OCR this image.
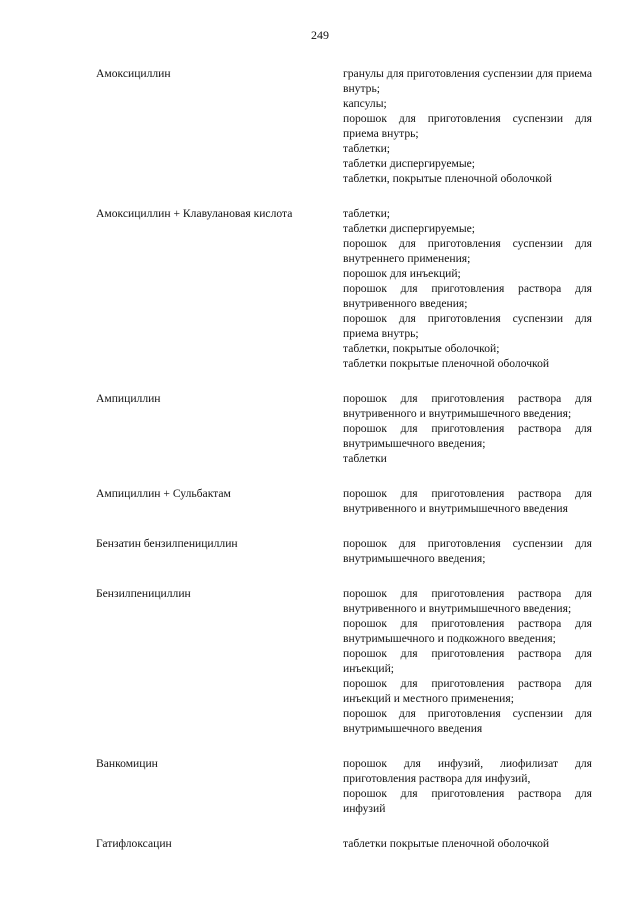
249
Амоксициллин	гранулы для приготовления суспензии для приема внутрь;
капсулы;
порошок для приготовления суспензии для приема внутрь;
таблетки;
таблетки диспергируемые;
таблетки, покрытые пленочной оболочкой
Амоксициллин + Клавулановая кислота	таблетки;
таблетки диспергируемые;
порошок для приготовления суспензии для внутреннего применения;
порошок для инъекций;
порошок для приготовления раствора для внутривенного введения;
порошок для приготовления суспензии для приема внутрь;
таблетки, покрытые оболочкой;
таблетки покрытые пленочной оболочкой
Ампициллин	порошок для приготовления раствора для внутривенного и внутримышечного введения;
порошок для приготовления раствора для внутримышечного введения;
таблетки
Ампициллин + Сульбактам	порошок для приготовления раствора для внутривенного и внутримышечного введения
Бензатин бензилпенициллин	порошок для приготовления суспензии для внутримышечного введения;
Бензилпенициллин	порошок для приготовления раствора для внутривенного и внутримышечного введения;
порошок для приготовления раствора для внутримышечного и подкожного введения;
порошок для приготовления раствора для инъекций;
порошок для приготовления раствора для инъекций и местного применения;
порошок для приготовления суспензии для внутримышечного введения
Ванкомицин	порошок для инфузий, лиофилизат для приготовления раствора для инфузий,
порошок для приготовления раствора для инфузий
Гатифлоксацин	таблетки покрытые пленочной оболочкой
